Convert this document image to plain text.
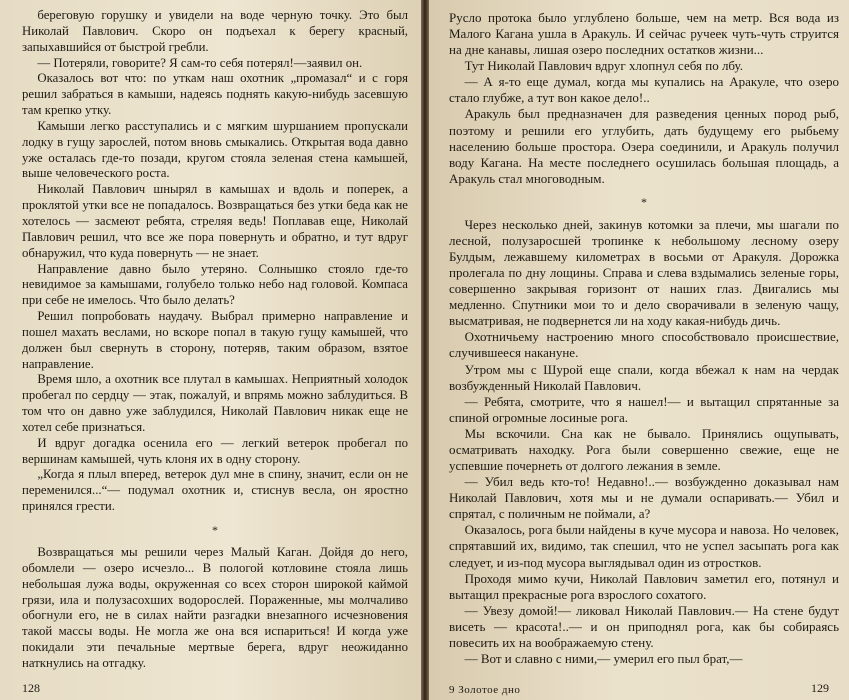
береговую горушку и увидели на воде черную точку. Это был Николай Павлович. Скоро он подъехал к берегу красный, запыхавшийся от быстрой гребли.

— Потеряли, говорите? Я сам-то себя потерял!—заявил он.

Оказалось вот что: по уткам наш охотник „промазал“ и с горя решил забраться в камыши, надеясь поднять какую-нибудь засевшую там крепко утку.

Камыши легко расступались и с мягким шуршанием пропускали лодку в гущу зарослей, потом вновь смыкались. Открытая вода давно уже осталась где-то позади, кругом стояла зеленая стена камышей, выше человеческого роста.

Николай Павлович шнырял в камышах и вдоль и поперек, а проклятой утки все не попадалось. Возвращаться без утки беда как не хотелось — засмеют ребята, стреляя ведь! Поплавав еще, Николай Павлович решил, что все же пора повернуть и обратно, и тут вдруг обнаружил, что куда повернуть — не знает.

Направление давно было утеряно. Солнышко стояло где-то невидимое за камышами, голубело только небо над головой. Компаса при себе не имелось. Что было делать?

Решил попробовать наудачу. Выбрал примерно направление и пошел махать веслами, но вскоре попал в такую гущу камышей, что должен был свернуть в сторону, потеряв, таким образом, взятое направление.

Время шло, а охотник все плутал в камышах. Неприятный холодок пробегал по сердцу — этак, пожалуй, и впрямь можно заблудиться. В том что он давно уже заблудился, Николай Павлович никак еще не хотел себе признаться.

И вдруг догадка осенила его — легкий ветерок пробегал по вершинам камышей, чуть клоня их в одну сторону.

„Когда я плыл вперед, ветерок дул мне в спину, значит, если он не переменился...“— подумал охотник и, стиснув весла, он яростно принялся грести.

*

Возвращаться мы решили через Малый Каган. Дойдя до него, обомлели — озеро исчезло... В пологой котловине стояла лишь небольшая лужа воды, окруженная со всех сторон широкой каймой грязи, ила и полузасохших водорослей. Пораженные, мы молчаливо обогнули его, не в силах найти разгадки внезапного исчезновения такой массы воды. Не могла же она вся испариться! И когда уже покидали эти печальные мертвые берега, вдруг неожиданно наткнулись на отгадку.

128

Русло протока было углублено больше, чем на метр. Вся вода из Малого Кагана ушла в Аракуль. И сейчас ручеек чуть-чуть струится на дне канавы, лишая озеро последних остатков жизни...

Тут Николай Павлович вдруг хлопнул себя по лбу.

— А я-то еще думал, когда мы купались на Аракуле, что озеро стало глубже, а тут вон какое дело!..

Аракуль был предназначен для разведения ценных пород рыб, поэтому и решили его углубить, дать будущему его рыбьему населению больше простора. Озера соединили, и Аракуль получил воду Кагана. На месте последнего осушилась большая площадь, а Аракуль стал многоводным.

*

Через несколько дней, закинув котомки за плечи, мы шагали по лесной, полузаросшей тропинке к небольшому лесному озеру Булдым, лежавшему километрах в восьми от Аракуля. Дорожка пролегала по дну лощины. Справа и слева вздымались зеленые горы, совершенно закрывая горизонт от наших глаз. Двигались мы медленно. Спутники мои то и дело сворачивали в зеленую чащу, высматривая, не подвернется ли на ходу какая-нибудь дичь.

Охотничьему настроению много способствовало происшествие, случившееся накануне.

Утром мы с Шурой еще спали, когда вбежал к нам на чердак возбужденный Николай Павлович.

— Ребята, смотрите, что я нашел!— и вытащил спрятанные за спиной огромные лосиные рога.

Мы вскочили. Сна как не бывало. Принялись ощупывать, осматривать находку. Рога были совершенно свежие, еще не успевшие почернеть от долгого лежания в земле.

— Убил ведь кто-то! Недавно!..— возбужденно доказывал нам Николай Павлович, хотя мы и не думали оспаривать.— Убил и спрятал, с поличным не поймали, а?

Оказалось, рога были найдены в куче мусора и навоза. Но человек, спрятавший их, видимо, так спешил, что не успел засыпать рога как следует, и из-под мусора выглядывал один из отростков.

Проходя мимо кучи, Николай Павлович заметил его, потянул и вытащил прекрасные рога взрослого сохатого.

— Увезу домой!— ликовал Николай Павлович.— На стене будут висеть — красота!..— и он приподнял рога, как бы собираясь повесить их на воображаемую стену.

— Вот и славно с ними,— умерил его пыл брат,—

9 Золотое дно	129
